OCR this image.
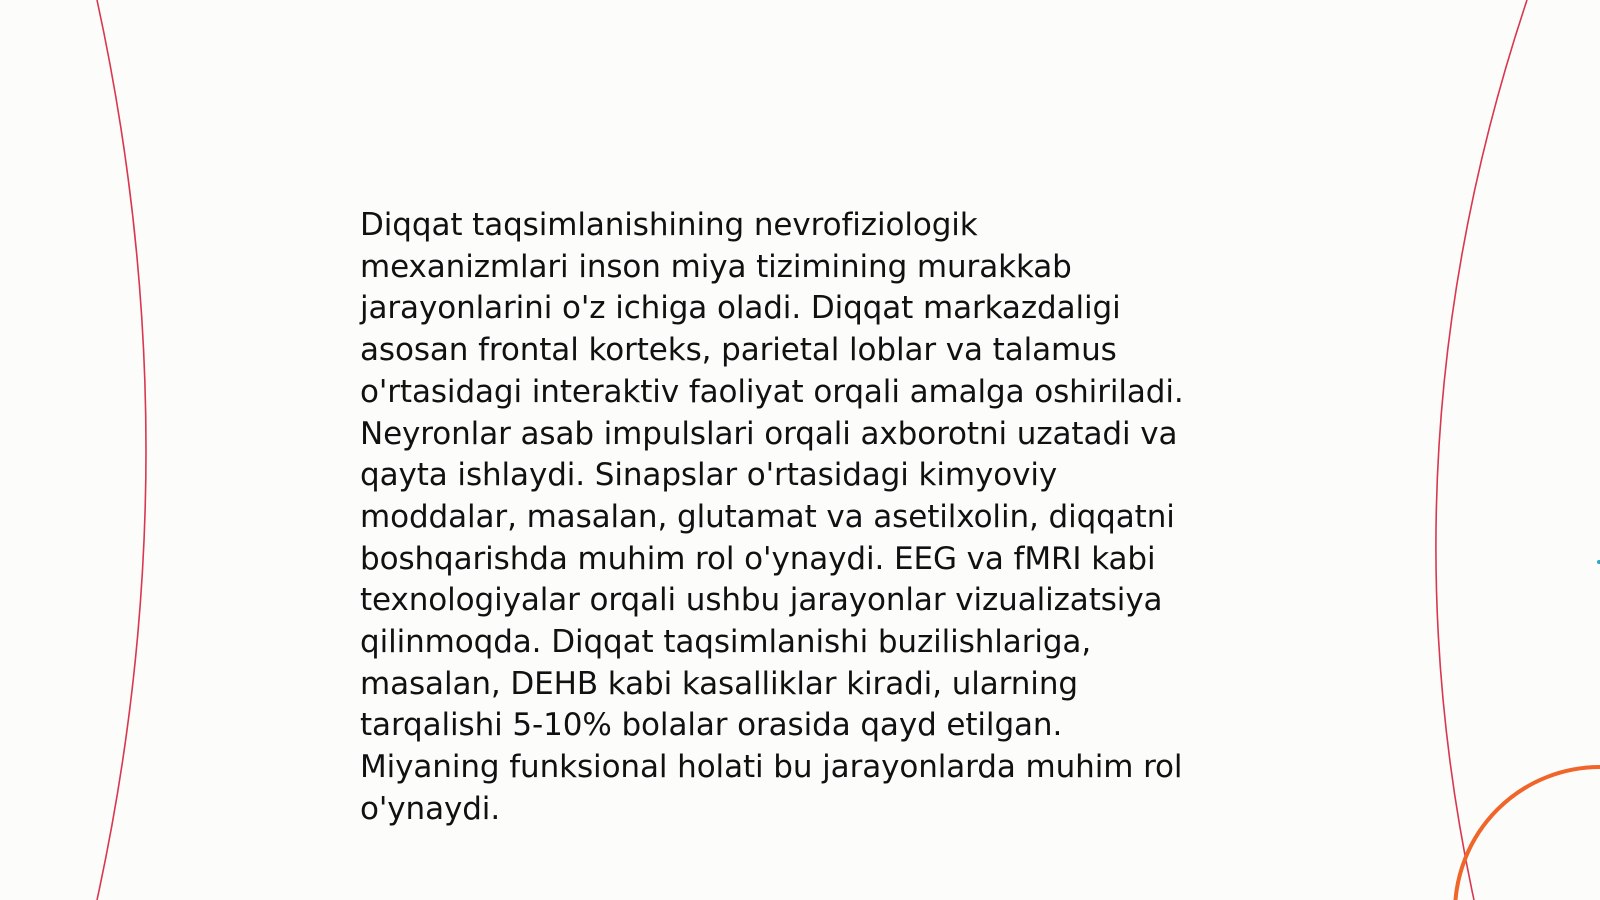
Diqqat taqsimlanishining nevrofiziologik
mexanizmlari inson miya tizimining murakkab
jarayonlarini o'z ichiga oladi. Diqqat markazdaligi
asosan frontal korteks, parietal loblar va talamus
o'rtasidagi interaktiv faoliyat orqali amalga oshiriladi.
Neyronlar asab impulslari orqali axborotni uzatadi va
qayta ishlaydi. Sinapslar o'rtasidagi kimyoviy
moddalar, masalan, glutamat va asetilxolin, diqqatni
boshqarishda muhim rol o'ynaydi. EEG va fMRI kabi
texnologiyalar orqali ushbu jarayonlar vizualizatsiya
qilinmoqda. Diqqat taqsimlanishi buzilishlariga,
masalan, DEHB kabi kasalliklar kiradi, ularning
tarqalishi 5-10% bolalar orasida qayd etilgan.
Miyaning funksional holati bu jarayonlarda muhim rol
o'ynaydi.
